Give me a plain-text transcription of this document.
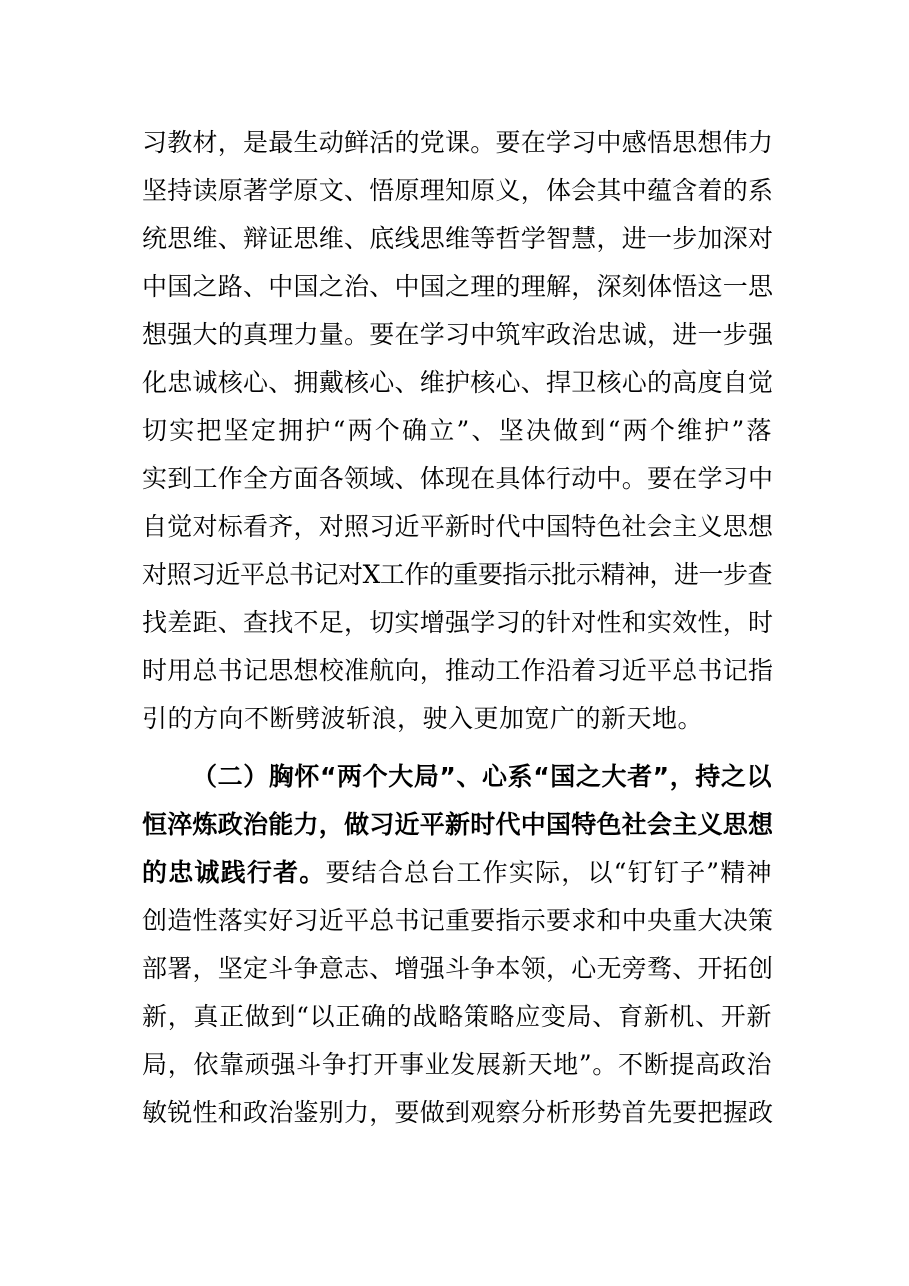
习教材，是最生动鲜活的党课。要在学习中感悟思想伟力
坚持读原著学原文、悟原理知原义，体会其中蕴含着的系
统思维、辩证思维、底线思维等哲学智慧，进一步加深对
中国之路、中国之治、中国之理的理解，深刻体悟这一思
想强大的真理力量。要在学习中筑牢政治忠诚，进一步强
化忠诚核心、拥戴核心、维护核心、捍卫核心的高度自觉
切实把坚定拥护“两个确立”、坚决做到“两个维护”落
实到工作全方面各领域、体现在具体行动中。要在学习中
自觉对标看齐，对照习近平新时代中国特色社会主义思想
对照习近平总书记对X工作的重要指示批示精神，进一步查
找差距、查找不足，切实增强学习的针对性和实效性，时
时用总书记思想校准航向，推动工作沿着习近平总书记指
引的方向不断劈波斩浪，驶入更加宽广的新天地。
（二）胸怀“两个大局”、心系“国之大者”，持之以
恒淬炼政治能力，做习近平新时代中国特色社会主义思想
的忠诚践行者。要结合总台工作实际，以“钉钉子”精神
创造性落实好习近平总书记重要指示要求和中央重大决策
部署，坚定斗争意志、增强斗争本领，心无旁骛、开拓创
新，真正做到“以正确的战略策略应变局、育新机、开新
局，依靠顽强斗争打开事业发展新天地”。不断提高政治
敏锐性和政治鉴别力，要做到观察分析形势首先要把握政
